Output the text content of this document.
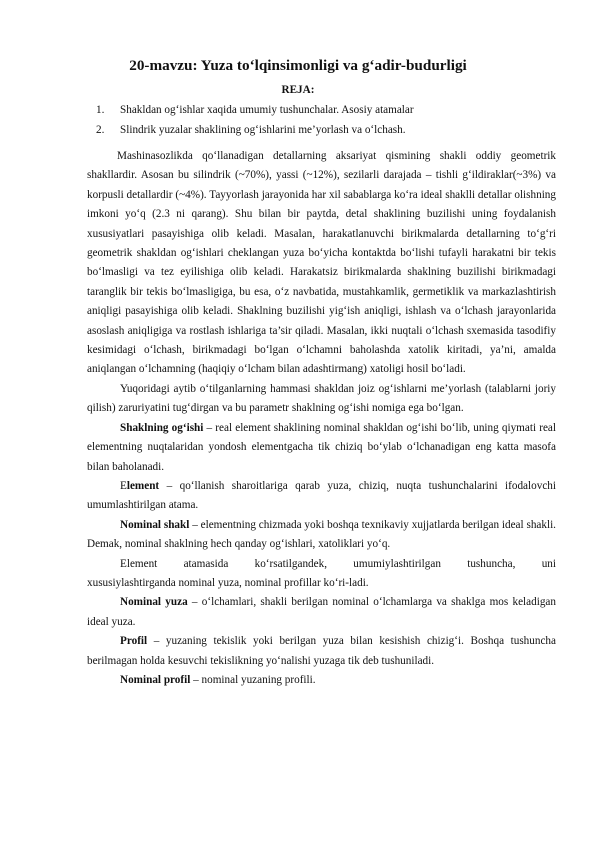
20-mavzu: Yuza to‘lqinsimonligi va g‘adir-budurligi
REJA:
1. Shakldan og‘ishlar xaqida umumiy tushunchalar. Asosiy atamalar
2. Slindrik yuzalar shaklining og‘ishlarini me’yorlash va o‘lchash.

Mashinasozlikda qo‘llanadigan detallarning aksariyat qismining shakli oddiy geometrik shakllardir. Asosan bu silindrik (~70%), yassi (~12%), sezilarli darajada – tishli g‘ildiraklar(~3%) va korpusli detallardir (~4%). Tayyorlash jarayonida har xil sabablarga ko‘ra ideal shaklli detallar olishning imkoni yo‘q (2.3 ni qarang). Shu bilan bir paytda, detal shaklining buzilishi uning foydalanish xususiyatlari pasayishiga olib keladi. Masalan, harakatlanuvchi birikmalarda detallarning to‘g‘ri geometrik shakldan og‘ishlari cheklangan yuza bo‘yicha kontaktda bo‘lishi tufayli harakatni bir tekis bo‘lmasligi va tez eyilishiga olib keladi. Harakatsiz birikmalarda shaklning buzilishi birikmadagi taranglik bir tekis bo‘lmasligiga, bu esa, o‘z navbatida, mustahkamlik, germetiklik va markazlashtirish aniqligi pasayishiga olib keladi. Shaklning buzilishi yig‘ish aniqligi, ishlash va o‘lchash jarayonlarida asoslash aniqligiga va rostlash ishlariga ta’sir qiladi. Masalan, ikki nuqtali o‘lchash sxemasida tasodifiy kesimidagi o‘lchash, birikmadagi bo‘lgan o‘lchamni baholashda xatolik kiritadi, ya’ni, amalda aniqlangan o‘lchamning (haqiqiy o‘lcham bilan adashtirmang) xatoligi hosil bo‘ladi.

Yuqoridagi aytib o‘tilganlarning hammasi shakldan joiz og‘ishlarni me’yorlash (talablarni joriy qilish) zaruriyatini tug‘dirgan va bu parametr shaklning og‘ishi nomiga ega bo‘lgan.

Shaklning og‘ishi – real element shaklining nominal shakldan og‘ishi bo‘lib, uning qiymati real elementning nuqtalaridan yondosh elementgacha tik chiziq bo‘ylab o‘lchanadigan eng katta masofa bilan baholanadi.

Element – qo‘llanish sharoitlariga qarab yuza, chiziq, nuqta tushunchalarini ifodalovchi umumlashtirilgan atama.

Nominal shakl – elementning chizmada yoki boshqa texnikaviy xujjatlarda berilgan ideal shakli. Demak, nominal shaklning hech qanday og‘ishlari, xatoliklari yo‘q.

Element atamasida ko‘rsatilgandek, umumiylashtirilgan tushuncha, uni

xususiylashtirganda nominal yuza, nominal profillar ko‘ri-ladi.

Nominal yuza – o‘lchamlari, shakli berilgan nominal o‘lchamlarga va shaklga mos keladigan ideal yuza.

Profil – yuzaning tekislik yoki berilgan yuza bilan kesishish chizig‘i. Boshqa tushuncha berilmagan holda kesuvchi tekislikning yo‘nalishi yuzaga tik deb tushuniladi.

Nominal profil – nominal yuzaning profili.
